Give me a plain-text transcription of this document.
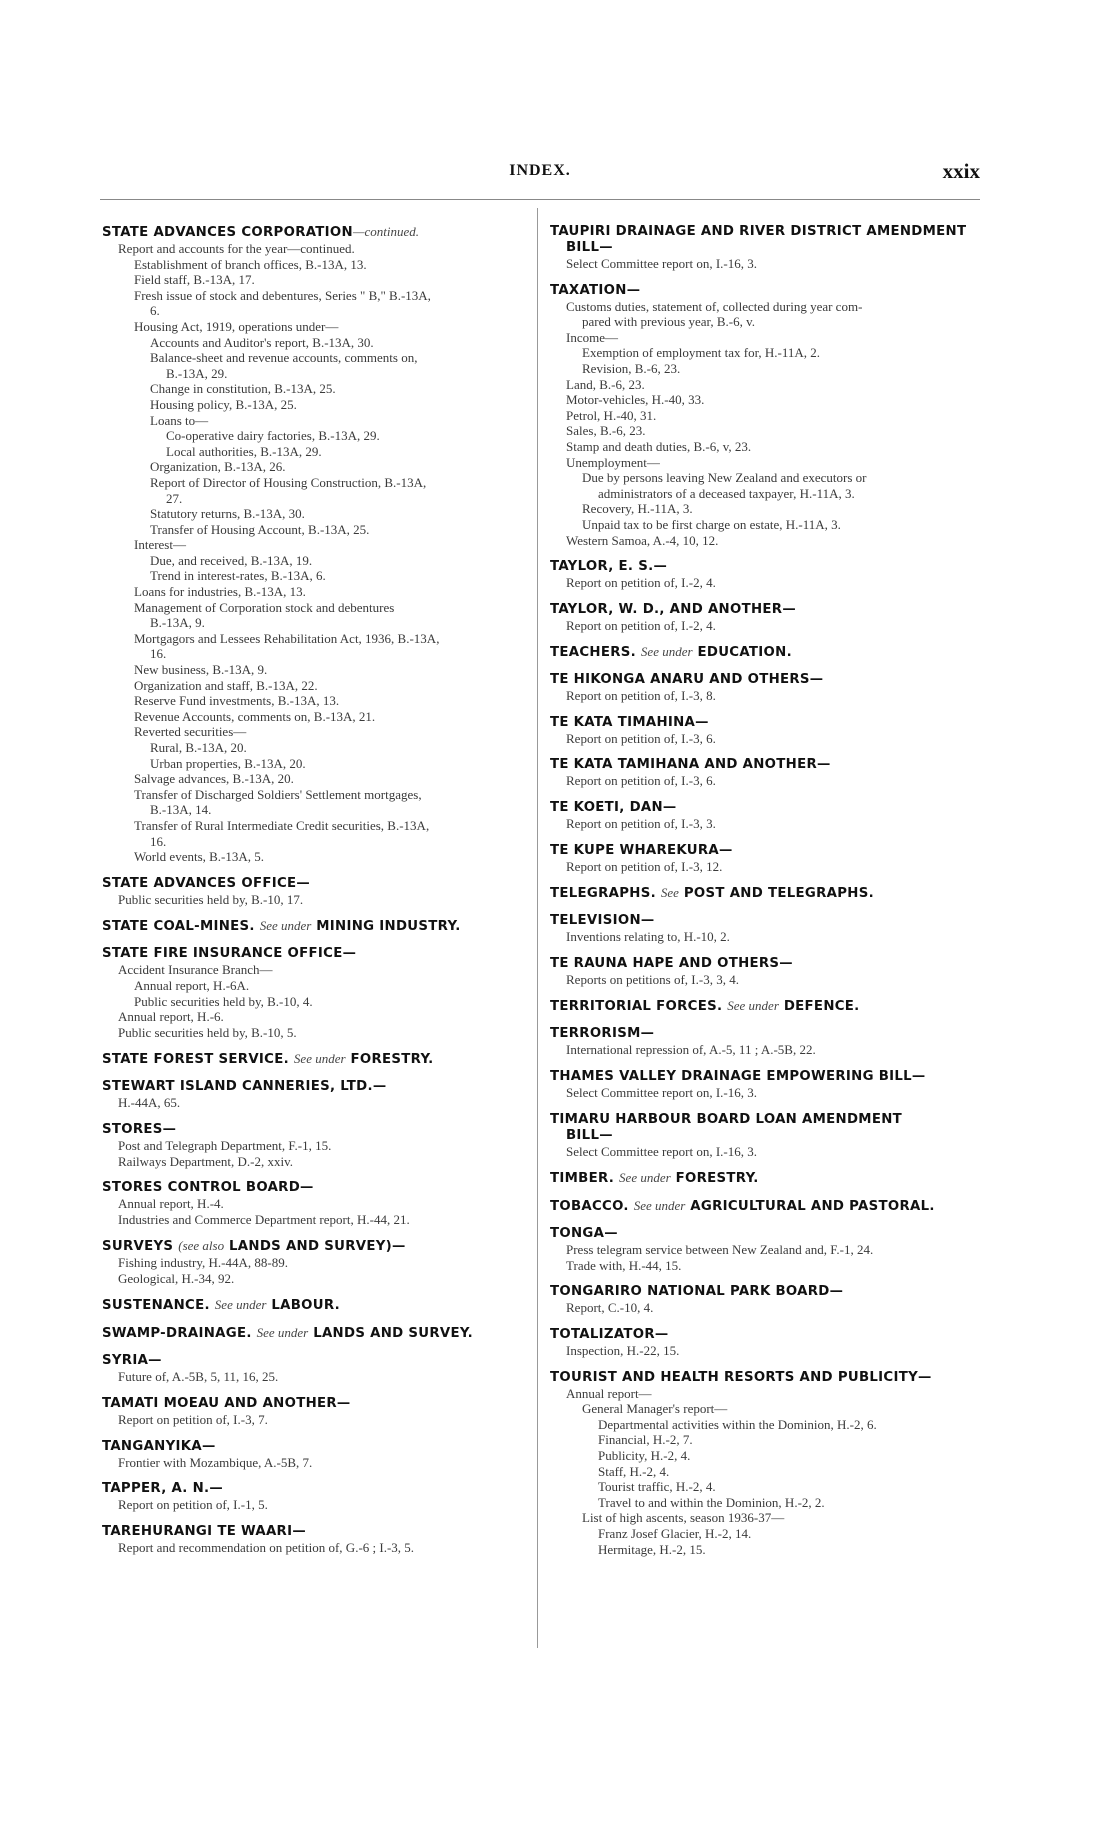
INDEX.	xxix
STATE ADVANCES CORPORATION—continued.
Report and accounts for the year—continued.
Establishment of branch offices, B.-13A, 13.
Field staff, B.-13A, 17.
Fresh issue of stock and debentures, Series " B," B.-13A,
6.
Housing Act, 1919, operations under—
Accounts and Auditor's report, B.-13A, 30.
Balance-sheet and revenue accounts, comments on,
B.-13A, 29.
Change in constitution, B.-13A, 25.
Housing policy, B.-13A, 25.
Loans to—
Co-operative dairy factories, B.-13A, 29.
Local authorities, B.-13A, 29.
Organization, B.-13A, 26.
Report of Director of Housing Construction, B.-13A,
27.
Statutory returns, B.-13A, 30.
Transfer of Housing Account, B.-13A, 25.
Interest—
Due, and received, B.-13A, 19.
Trend in interest-rates, B.-13A, 6.
Loans for industries, B.-13A, 13.
Management of Corporation stock and debentures
B.-13A, 9.
Mortgagors and Lessees Rehabilitation Act, 1936, B.-13A,
16.
New business, B.-13A, 9.
Organization and staff, B.-13A, 22.
Reserve Fund investments, B.-13A, 13.
Revenue Accounts, comments on, B.-13A, 21.
Reverted securities—
Rural, B.-13A, 20.
Urban properties, B.-13A, 20.
Salvage advances, B.-13A, 20.
Transfer of Discharged Soldiers' Settlement mortgages,
B.-13A, 14.
Transfer of Rural Intermediate Credit securities, B.-13A,
16.
World events, B.-13A, 5.
STATE ADVANCES OFFICE—
Public securities held by, B.-10, 17.
STATE COAL-MINES. See under MINING INDUSTRY.
STATE FIRE INSURANCE OFFICE—
Accident Insurance Branch—
Annual report, H.-6A.
Public securities held by, B.-10, 4.
Annual report, H.-6.
Public securities held by, B.-10, 5.
STATE FOREST SERVICE. See under FORESTRY.
STEWART ISLAND CANNERIES, LTD.—
H.-44A, 65.
STORES—
Post and Telegraph Department, F.-1, 15.
Railways Department, D.-2, xxiv.
STORES CONTROL BOARD—
Annual report, H.-4.
Industries and Commerce Department report, H.-44, 21.
SURVEYS (see also LANDS AND SURVEY)—
Fishing industry, H.-44A, 88-89.
Geological, H.-34, 92.
SUSTENANCE. See under LABOUR.
SWAMP-DRAINAGE. See under LANDS AND SURVEY.
SYRIA—
Future of, A.-5B, 5, 11, 16, 25.
TAMATI MOEAU AND ANOTHER—
Report on petition of, I.-3, 7.
TANGANYIKA—
Frontier with Mozambique, A.-5B, 7.
TAPPER, A. N.—
Report on petition of, I.-1, 5.
TAREHURANGI TE WAARI—
Report and recommendation on petition of, G.-6 ; I.-3, 5.
TAUPIRI DRAINAGE AND RIVER DISTRICT AMENDMENT
BILL—
Select Committee report on, I.-16, 3.
TAXATION—
Customs duties, statement of, collected during year com-
pared with previous year, B.-6, v.
Income—
Exemption of employment tax for, H.-11A, 2.
Revision, B.-6, 23.
Land, B.-6, 23.
Motor-vehicles, H.-40, 33.
Petrol, H.-40, 31.
Sales, B.-6, 23.
Stamp and death duties, B.-6, v, 23.
Unemployment—
Due by persons leaving New Zealand and executors or
administrators of a deceased taxpayer, H.-11A, 3.
Recovery, H.-11A, 3.
Unpaid tax to be first charge on estate, H.-11A, 3.
Western Samoa, A.-4, 10, 12.
TAYLOR, E. S.—
Report on petition of, I.-2, 4.
TAYLOR, W. D., AND ANOTHER—
Report on petition of, I.-2, 4.
TEACHERS. See under EDUCATION.
TE HIKONGA ANARU AND OTHERS—
Report on petition of, I.-3, 8.
TE KATA TIMAHINA—
Report on petition of, I.-3, 6.
TE KATA TAMIHANA AND ANOTHER—
Report on petition of, I.-3, 6.
TE KOETI, DAN—
Report on petition of, I.-3, 3.
TE KUPE WHAREKURA—
Report on petition of, I.-3, 12.
TELEGRAPHS. See POST AND TELEGRAPHS.
TELEVISION—
Inventions relating to, H.-10, 2.
TE RAUNA HAPE AND OTHERS—
Reports on petitions of, I.-3, 3, 4.
TERRITORIAL FORCES. See under DEFENCE.
TERRORISM—
International repression of, A.-5, 11 ; A.-5B, 22.
THAMES VALLEY DRAINAGE EMPOWERING BILL—
Select Committee report on, I.-16, 3.
TIMARU HARBOUR BOARD LOAN AMENDMENT
BILL—
Select Committee report on, I.-16, 3.
TIMBER. See under FORESTRY.
TOBACCO. See under AGRICULTURAL AND PASTORAL.
TONGA—
Press telegram service between New Zealand and, F.-1, 24.
Trade with, H.-44, 15.
TONGARIRO NATIONAL PARK BOARD—
Report, C.-10, 4.
TOTALIZATOR—
Inspection, H.-22, 15.
TOURIST AND HEALTH RESORTS AND PUBLICITY—
Annual report—
General Manager's report—
Departmental activities within the Dominion, H.-2, 6.
Financial, H.-2, 7.
Publicity, H.-2, 4.
Staff, H.-2, 4.
Tourist traffic, H.-2, 4.
Travel to and within the Dominion, H.-2, 2.
List of high ascents, season 1936-37—
Franz Josef Glacier, H.-2, 14.
Hermitage, H.-2, 15.
